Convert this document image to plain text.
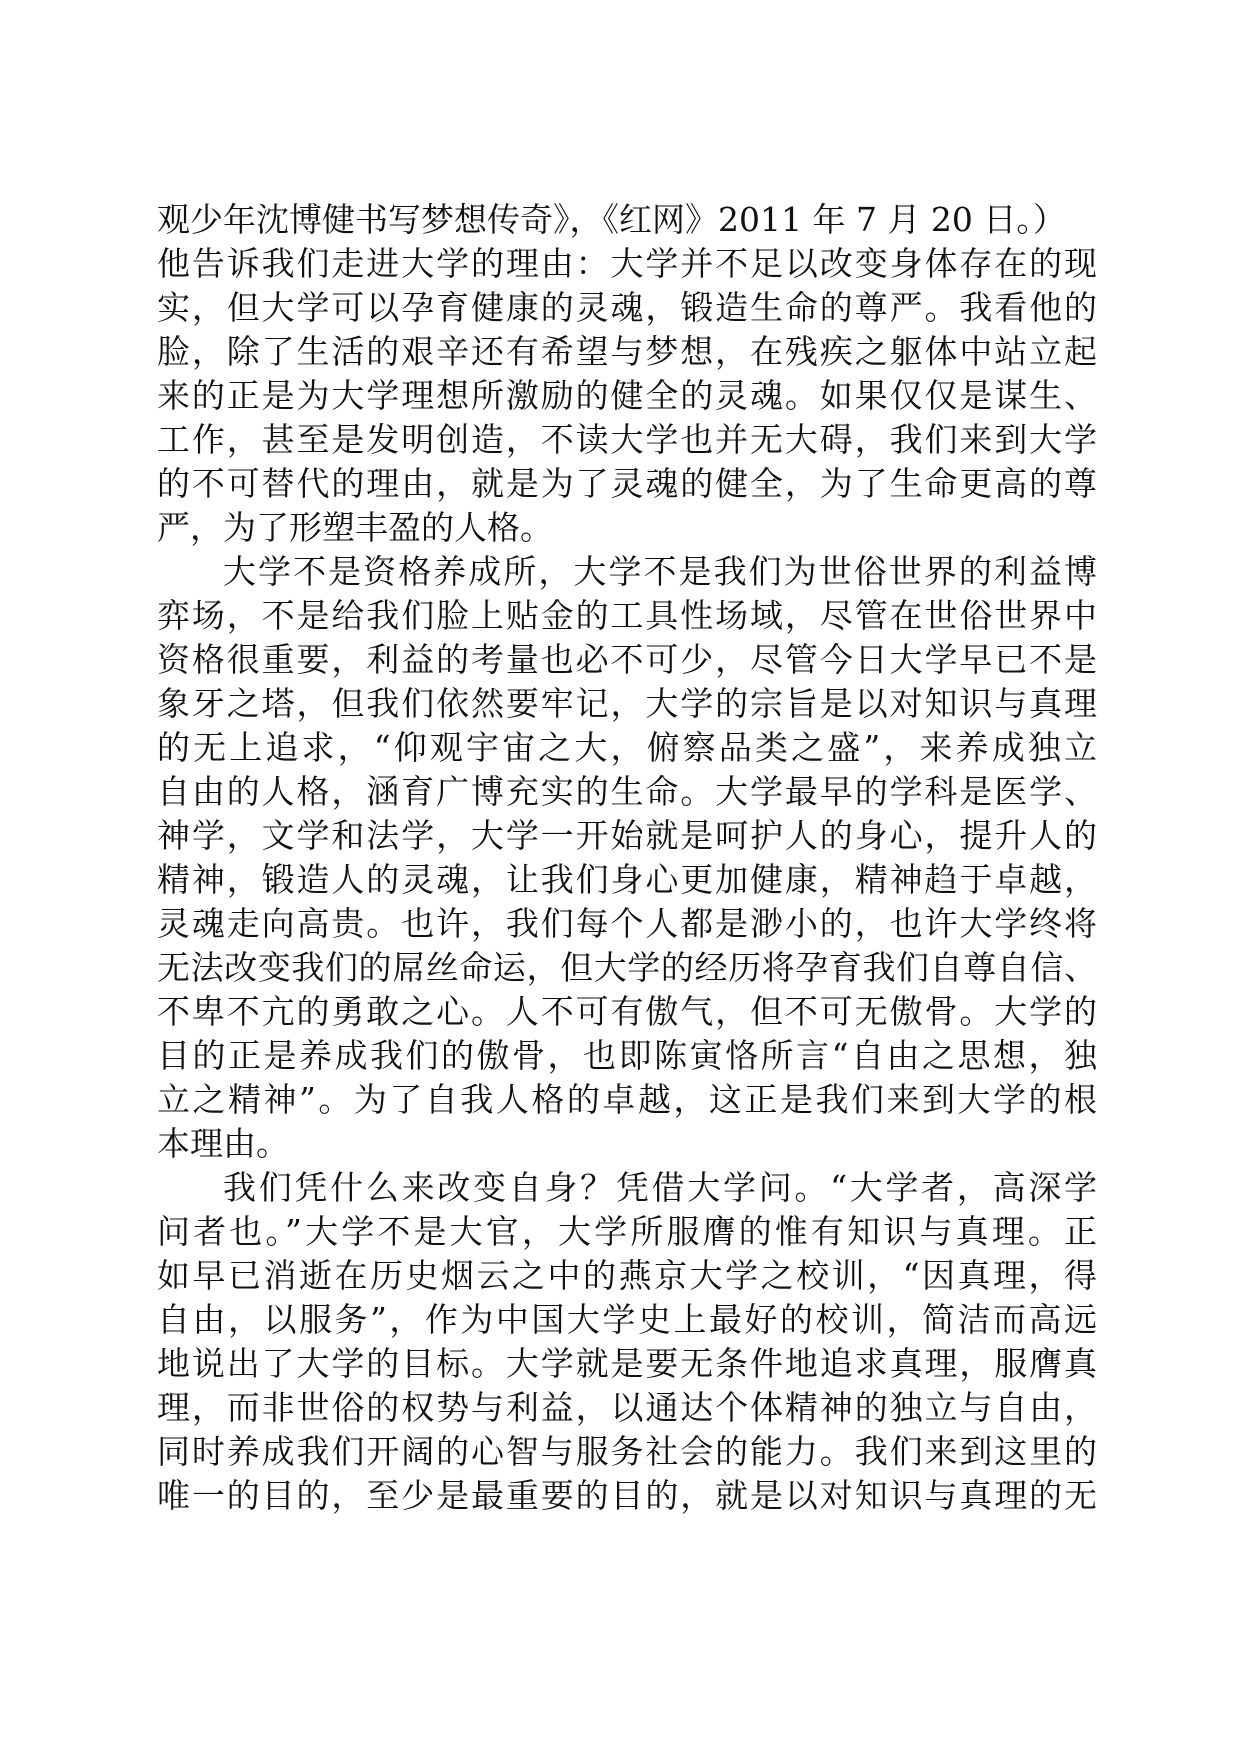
观少年沈博健书写梦想传奇》，《红网》2011 年 7 月 20 日。）
他告诉我们走进大学的理由：大学并不足以改变身体存在的现
实，但大学可以孕育健康的灵魂，锻造生命的尊严。我看他的
脸，除了生活的艰辛还有希望与梦想，在残疾之躯体中站立起
来的正是为大学理想所激励的健全的灵魂。如果仅仅是谋生、
工作，甚至是发明创造，不读大学也并无大碍，我们来到大学
的不可替代的理由，就是为了灵魂的健全，为了生命更高的尊
严，为了形塑丰盈的人格。
大学不是资格养成所，大学不是我们为世俗世界的利益博
弈场，不是给我们脸上贴金的工具性场域，尽管在世俗世界中
资格很重要，利益的考量也必不可少，尽管今日大学早已不是
象牙之塔，但我们依然要牢记，大学的宗旨是以对知识与真理
的无上追求，“仰观宇宙之大，俯察品类之盛”，来养成独立
自由的人格，涵育广博充实的生命。大学最早的学科是医学、
神学，文学和法学，大学一开始就是呵护人的身心，提升人的
精神，锻造人的灵魂，让我们身心更加健康，精神趋于卓越，
灵魂走向高贵。也许，我们每个人都是渺小的，也许大学终将
无法改变我们的屌丝命运，但大学的经历将孕育我们自尊自信、
不卑不亢的勇敢之心。人不可有傲气，但不可无傲骨。大学的
目的正是养成我们的傲骨，也即陈寅恪所言“自由之思想，独
立之精神”。为了自我人格的卓越，这正是我们来到大学的根
本理由。
我们凭什么来改变自身？凭借大学问。“大学者，高深学
问者也。”大学不是大官，大学所服膺的惟有知识与真理。正
如早已消逝在历史烟云之中的燕京大学之校训，“因真理，得
自由，以服务”，作为中国大学史上最好的校训，简洁而高远
地说出了大学的目标。大学就是要无条件地追求真理，服膺真
理，而非世俗的权势与利益，以通达个体精神的独立与自由，
同时养成我们开阔的心智与服务社会的能力。我们来到这里的
唯一的目的，至少是最重要的目的，就是以对知识与真理的无
